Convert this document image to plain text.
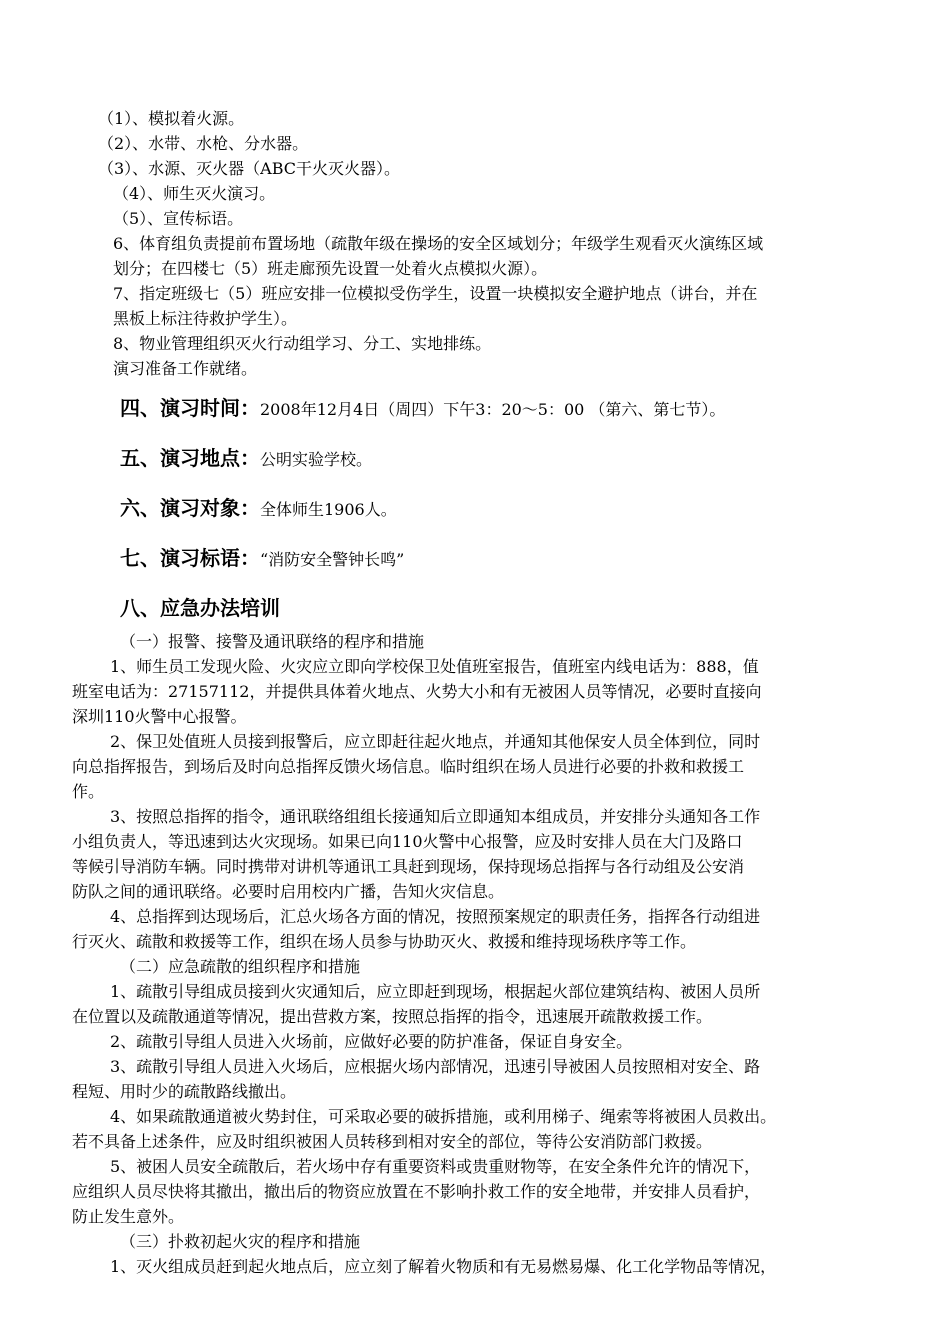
（1）、模拟着火源。
（2）、水带、水枪、分水器。
（3）、水源、灭火器（ABC干火灭火器）。
（4）、师生灭火演习。
（5）、宣传标语。
6、体育组负责提前布置场地（疏散年级在操场的安全区域划分；年级学生观看灭火演练区域
划分；在四楼七（5）班走廊预先设置一处着火点模拟火源）。
7、指定班级七（5）班应安排一位模拟受伤学生，设置一块模拟安全避护地点（讲台，并在
黑板上标注待救护学生）。
8、物业管理组织灭火行动组学习、分工、实地排练。
演习准备工作就绪。
四、演习时间：2008年12月4日（周四）下午3：20～5：00 （第六、第七节）。
五、演习地点：公明实验学校。
六、演习对象：全体师生1906人。
七、演习标语：“消防安全警钟长鸣”
八、应急办法培训
（一）报警、接警及通讯联络的程序和措施
1、师生员工发现火险、火灾应立即向学校保卫处值班室报告，值班室内线电话为：888，值
班室电话为：27157112，并提供具体着火地点、火势大小和有无被困人员等情况，必要时直接向
深圳110火警中心报警。
2、保卫处值班人员接到报警后，应立即赶往起火地点，并通知其他保安人员全体到位，同时
向总指挥报告，到场后及时向总指挥反馈火场信息。临时组织在场人员进行必要的扑救和救援工
作。
3、按照总指挥的指令，通讯联络组组长接通知后立即通知本组成员，并安排分头通知各工作
小组负责人，等迅速到达火灾现场。如果已向110火警中心报警，应及时安排人员在大门及路口
等候引导消防车辆。同时携带对讲机等通讯工具赶到现场，保持现场总指挥与各行动组及公安消
防队之间的通讯联络。必要时启用校内广播，告知火灾信息。
4、总指挥到达现场后，汇总火场各方面的情况，按照预案规定的职责任务，指挥各行动组进
行灭火、疏散和救援等工作，组织在场人员参与协助灭火、救援和维持现场秩序等工作。
（二）应急疏散的组织程序和措施
1、疏散引导组成员接到火灾通知后，应立即赶到现场，根据起火部位建筑结构、被困人员所
在位置以及疏散通道等情况，提出营救方案，按照总指挥的指令，迅速展开疏散救援工作。
2、疏散引导组人员进入火场前，应做好必要的防护准备，保证自身安全。
3、疏散引导组人员进入火场后，应根据火场内部情况，迅速引导被困人员按照相对安全、路
程短、用时少的疏散路线撤出。
4、如果疏散通道被火势封住，可采取必要的破拆措施，或利用梯子、绳索等将被困人员救出。
若不具备上述条件，应及时组织被困人员转移到相对安全的部位，等待公安消防部门救援。
5、被困人员安全疏散后，若火场中存有重要资料或贵重财物等，在安全条件允许的情况下，
应组织人员尽快将其撤出，撤出后的物资应放置在不影响扑救工作的安全地带，并安排人员看护，
防止发生意外。
（三）扑救初起火灾的程序和措施
1、灭火组成员赶到起火地点后，应立刻了解着火物质和有无易燃易爆、化工化学物品等情况，
